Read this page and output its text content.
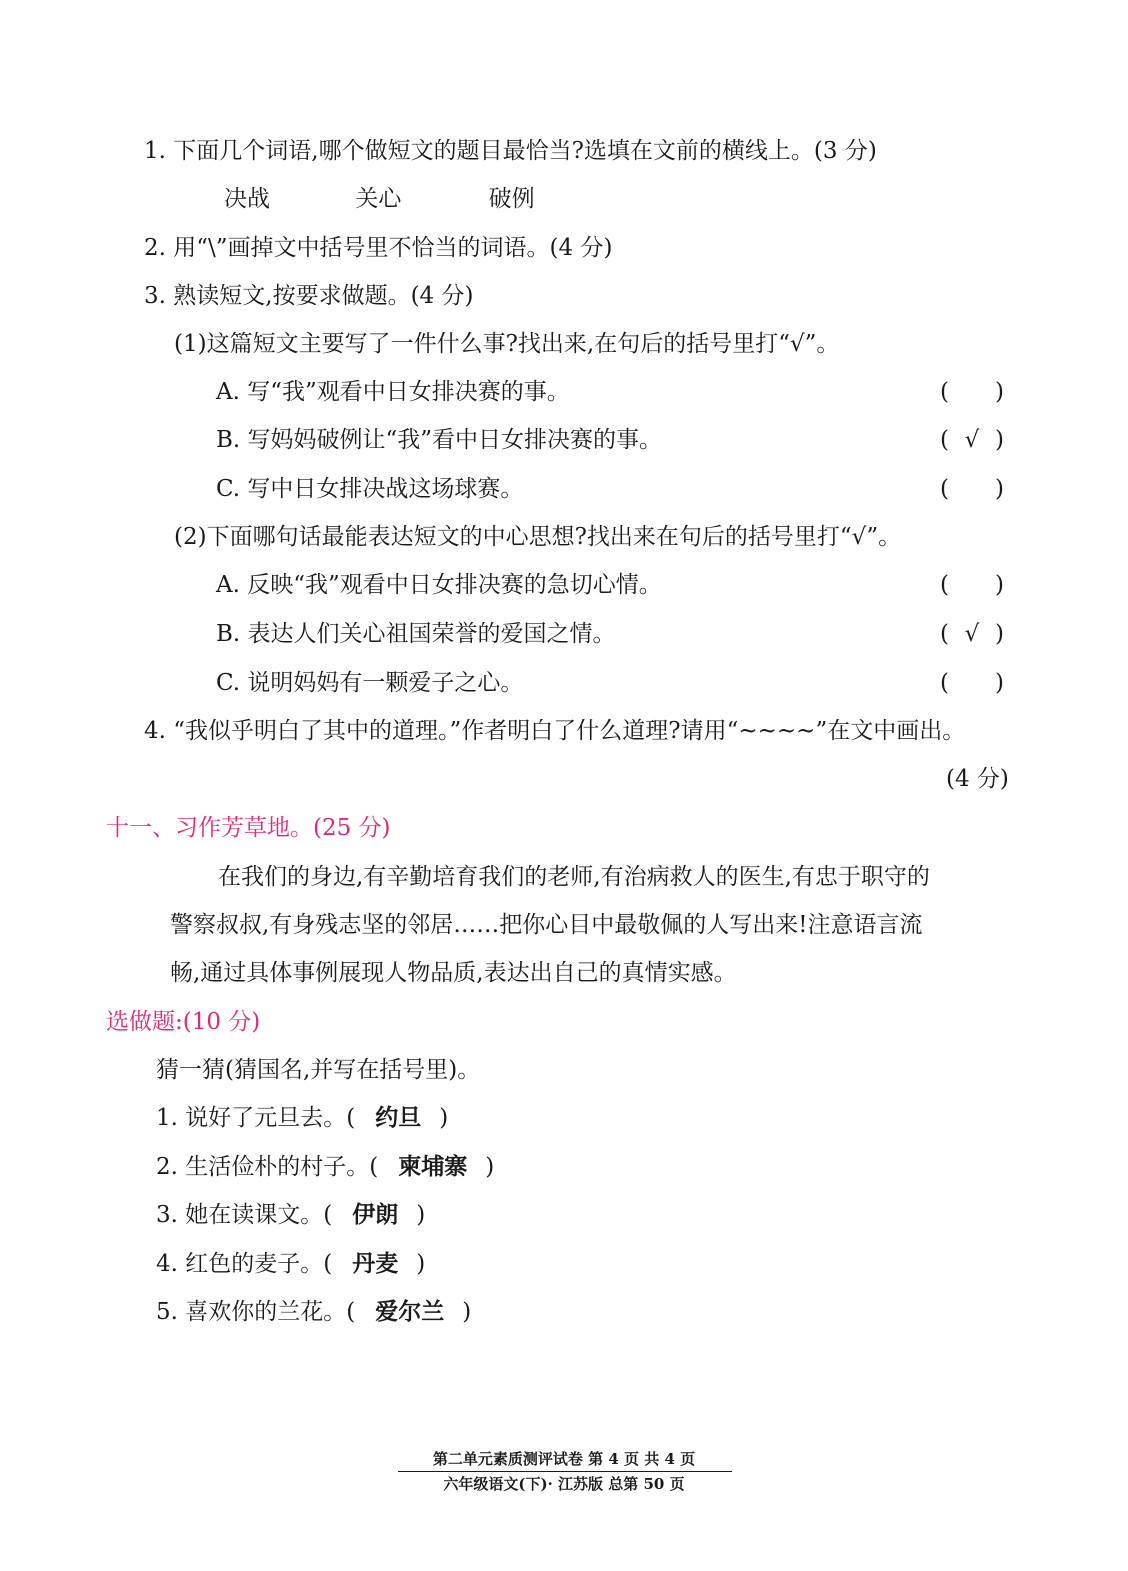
1. 下面几个词语,哪个做短文的题目最恰当?选填在文前的横线上。(3 分)
决战	关心	破例
2. 用“\”画掉文中括号里不恰当的词语。(4 分)
3. 熟读短文,按要求做题。(4 分)
(1)这篇短文主要写了一件什么事?找出来,在句后的括号里打“√”。
A. 写“我”观看中日女排决赛的事。	( )
B. 写妈妈破例让“我”看中日女排决赛的事。	( √ )
C. 写中日女排决战这场球赛。	( )
(2)下面哪句话最能表达短文的中心思想?找出来在句后的括号里打“√”。
A. 反映“我”观看中日女排决赛的急切心情。	( )
B. 表达人们关心祖国荣誉的爱国之情。	( √ )
C. 说明妈妈有一颗爱子之心。	( )
4. “我似乎明白了其中的道理。”作者明白了什么道理?请用“~~~~”在文中画出。
(4 分)
十一、习作芳草地。(25 分)
在我们的身边,有辛勤培育我们的老师,有治病救人的医生,有忠于职守的
警察叔叔,有身残志坚的邻居……把你心目中最敬佩的人写出来!注意语言流
畅,通过具体事例展现人物品质,表达出自己的真情实感。
选做题:(10 分)
猜一猜(猜国名,并写在括号里)。
1. 说好了元旦去。( 约旦 )
2. 生活俭朴的村子。( 柬埔寨 )
3. 她在读课文。( 伊朗 )
4. 红色的麦子。( 丹麦 )
5. 喜欢你的兰花。( 爱尔兰 )
第二单元素质测评试卷 第 4 页 共 4 页
六年级语文(下)· 江苏版 总第 50 页
